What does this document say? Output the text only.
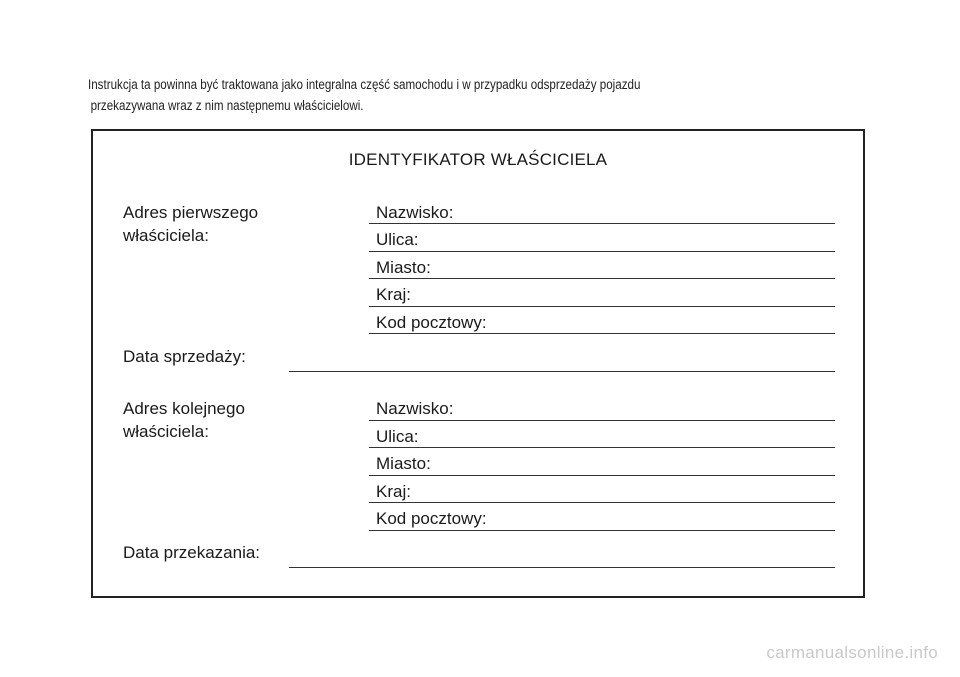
Instrukcja ta powinna być traktowana jako integralna część samochodu i w przypadku odsprzedaży pojazdu
przekazywana wraz z nim następnemu właścicielowi.
IDENTYFIKATOR WŁAŚCICIELA
Adres pierwszego
właściciela:
Nazwisko:
Ulica:
Miasto:
Kraj:
Kod pocztowy:
Data sprzedaży:
Adres kolejnego
właściciela:
Nazwisko:
Ulica:
Miasto:
Kraj:
Kod pocztowy:
Data przekazania:
carmanualsonline.info
